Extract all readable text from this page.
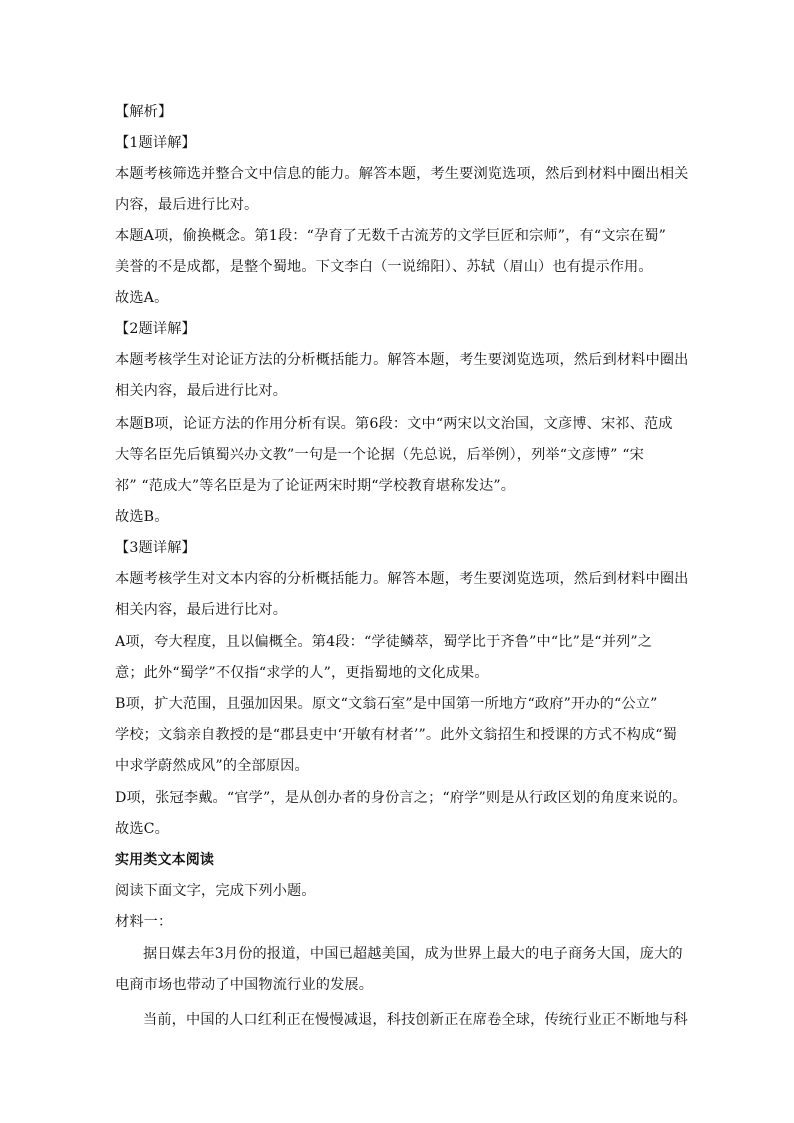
【解析】
【1题详解】
本题考核筛选并整合文中信息的能力。解答本题，考生要浏览选项，然后到材料中圈出相关
内容，最后进行比对。
本题A项，偷换概念。第1段：“孕育了无数千古流芳的文学巨匠和宗师”，有“文宗在蜀”
美誉的不是成都，是整个蜀地。下文李白（一说绵阳）、苏轼（眉山）也有提示作用。
故选A。
【2题详解】
本题考核学生对论证方法的分析概括能力。解答本题，考生要浏览选项，然后到材料中圈出
相关内容，最后进行比对。
本题B项，论证方法的作用分析有误。第6段：文中“两宋以文治国，文彦博、宋祁、范成
大等名臣先后镇蜀兴办文教”一句是一个论据（先总说，后举例），列举“文彦博” “宋
祁” “范成大”等名臣是为了论证两宋时期“学校教育堪称发达”。
故选B。
【3题详解】
本题考核学生对文本内容的分析概括能力。解答本题，考生要浏览选项，然后到材料中圈出
相关内容，最后进行比对。
A项，夸大程度，且以偏概全。第4段：“学徒鳞萃，蜀学比于齐鲁”中“比”是“并列”之
意；此外“蜀学”不仅指“求学的人”，更指蜀地的文化成果。
B项，扩大范围，且强加因果。原文“文翁石室”是中国第一所地方“政府”开办的“公立”
学校；文翁亲自教授的是“郡县吏中‘开敏有材者’”。此外文翁招生和授课的方式不构成“蜀
中求学蔚然成风”的全部原因。
D项，张冠李戴。“官学”，是从创办者的身份言之；“府学”则是从行政区划的角度来说的。
故选C。
实用类文本阅读
阅读下面文字，完成下列小题。
材料一：
据日媒去年3月份的报道，中国已超越美国，成为世界上最大的电子商务大国，庞大的
电商市场也带动了中国物流行业的发展。
当前，中国的人口红利正在慢慢减退，科技创新正在席卷全球，传统行业正不断地与科
